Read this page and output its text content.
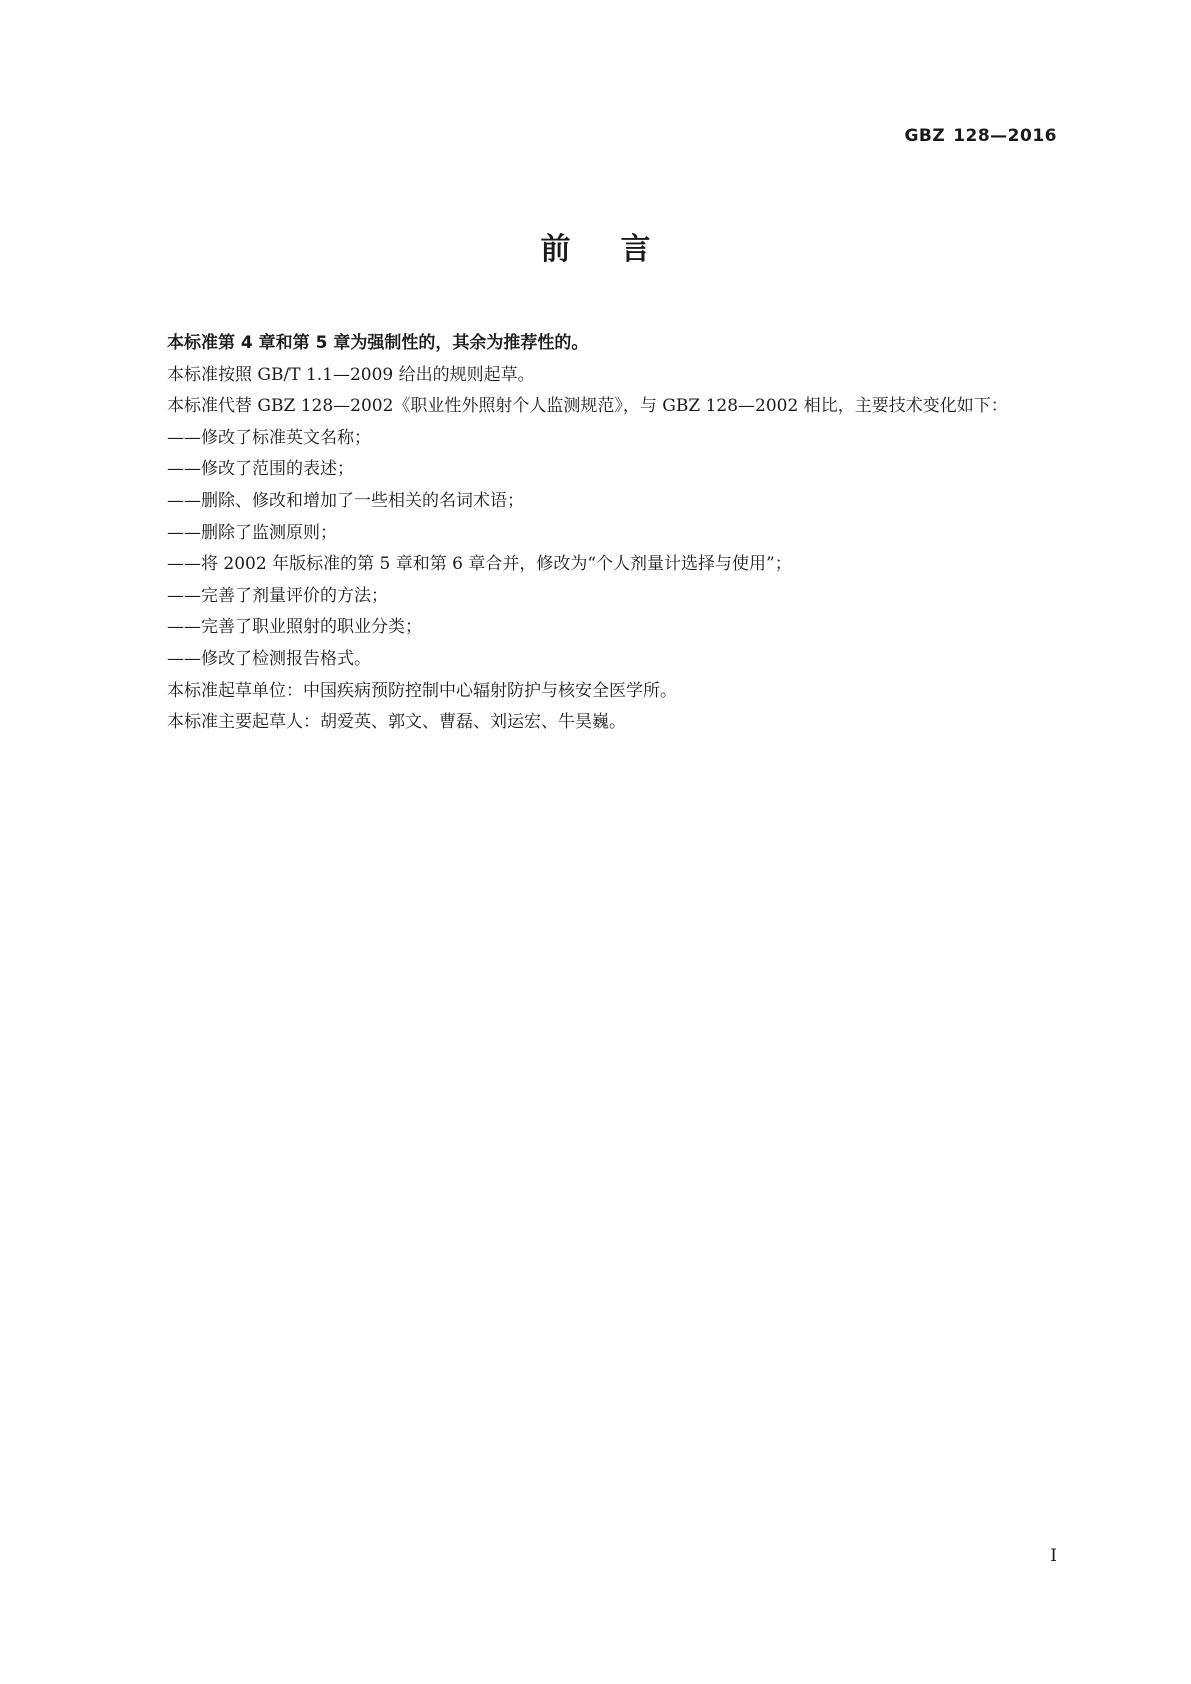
GBZ 128—2016
前言

本标准第 4 章和第 5 章为强制性的，其余为推荐性的。

本标准按照 GB/T 1.1—2009 给出的规则起草。

本标准代替 GBZ 128—2002《职业性外照射个人监测规范》，与 GBZ 128—2002 相比，主要技术变化如下：

——修改了标准英文名称；

——修改了范围的表述；

——删除、修改和增加了一些相关的名词术语；

——删除了监测原则；

——将 2002 年版标准的第 5 章和第 6 章合并，修改为“个人剂量计选择与使用”；

——完善了剂量评价的方法；

——完善了职业照射的职业分类；

——修改了检测报告格式。

本标准起草单位：中国疾病预防控制中心辐射防护与核安全医学所。

本标准主要起草人：胡爱英、郭文、曹磊、刘运宏、牛昊巍。

I
